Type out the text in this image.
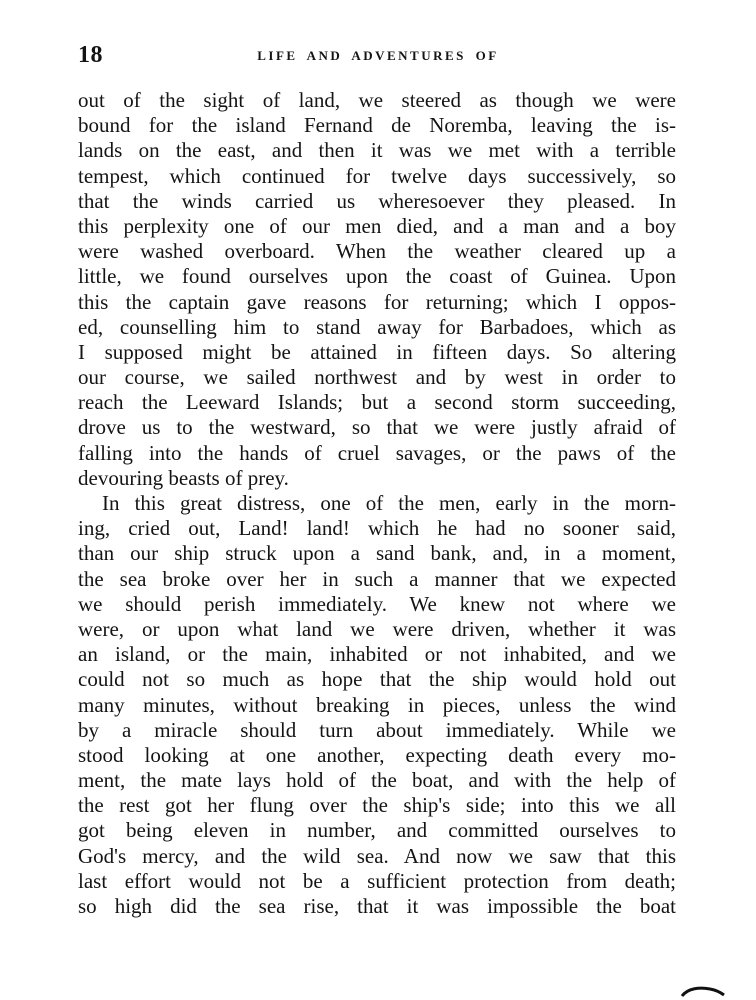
18	LIFE AND ADVENTURES OF
out of the sight of land, we steered as though we were
bound for the island Fernand de Noremba, leaving the is-
lands on the east, and then it was we met with a terrible
tempest, which continued for twelve days successively, so
that the winds carried us wheresoever they pleased. In
this perplexity one of our men died, and a man and a boy
were washed overboard. When the weather cleared up a
little, we found ourselves upon the coast of Guinea. Upon
this the captain gave reasons for returning; which I oppos-
ed, counselling him to stand away for Barbadoes, which as
I supposed might be attained in fifteen days. So altering
our course, we sailed northwest and by west in order to
reach the Leeward Islands; but a second storm succeeding,
drove us to the westward, so that we were justly afraid of
falling into the hands of cruel savages, or the paws of the
devouring beasts of prey.
In this great distress, one of the men, early in the morn-
ing, cried out, Land! land! which he had no sooner said,
than our ship struck upon a sand bank, and, in a moment,
the sea broke over her in such a manner that we expected
we should perish immediately. We knew not where we
were, or upon what land we were driven, whether it was
an island, or the main, inhabited or not inhabited, and we
could not so much as hope that the ship would hold out
many minutes, without breaking in pieces, unless the wind
by a miracle should turn about immediately. While we
stood looking at one another, expecting death every mo-
ment, the mate lays hold of the boat, and with the help of
the rest got her flung over the ship's side; into this we all
got being eleven in number, and committed ourselves to
God's mercy, and the wild sea. And now we saw that this
last effort would not be a sufficient protection from death;
so high did the sea rise, that it was impossible the boat
